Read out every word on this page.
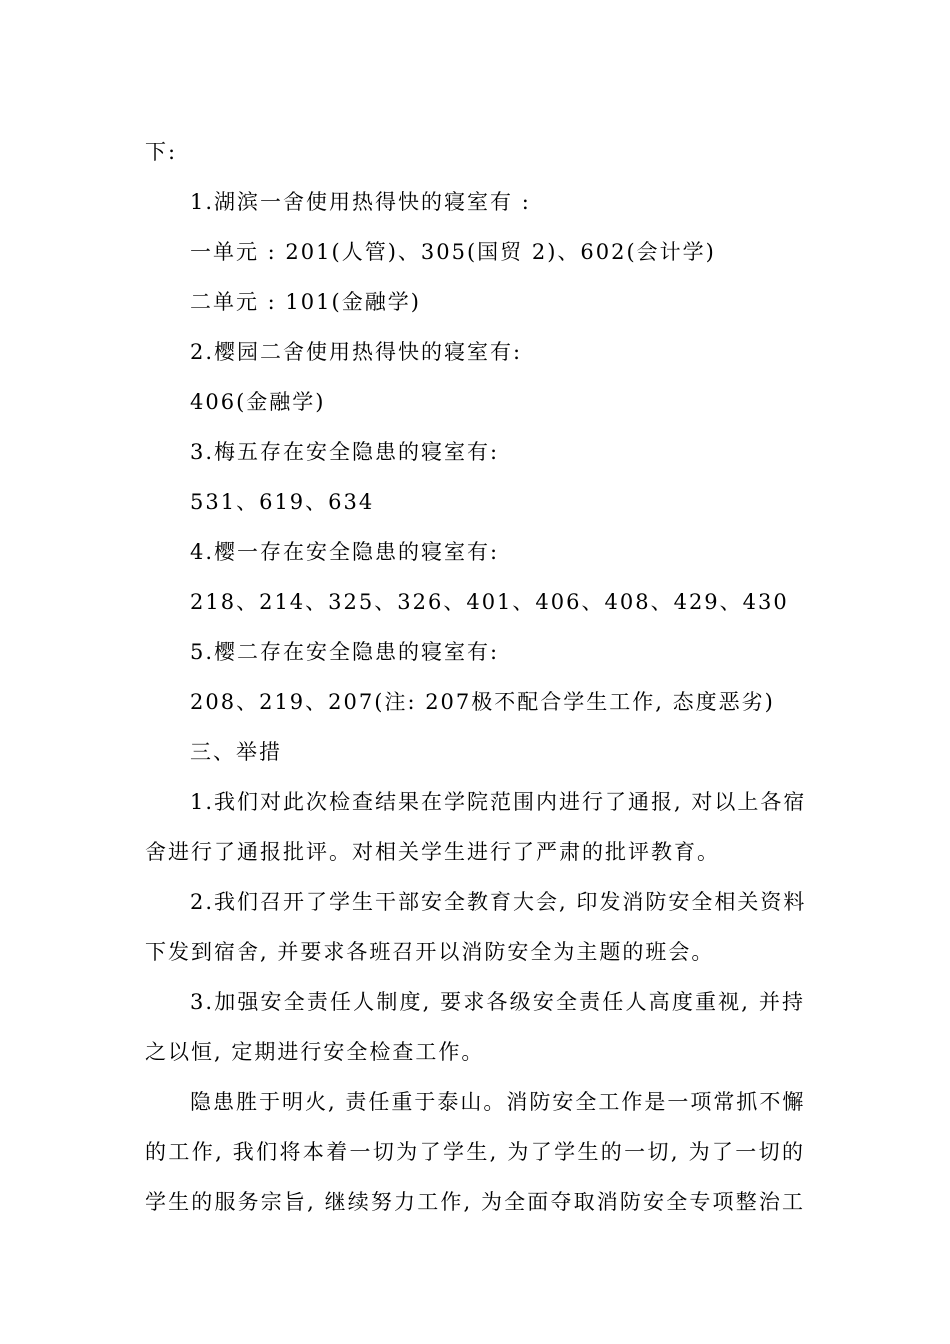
下:
1.湖滨一舍使用热得快的寝室有 :
一单元 : 201(人管)、305(国贸 2)、602(会计学)
二单元 : 101(金融学)
2.樱园二舍使用热得快的寝室有:
406(金融学)
3.梅五存在安全隐患的寝室有:
531、619、634
4.樱一存在安全隐患的寝室有:
218、214、325、326、401、406、408、429、430
5.樱二存在安全隐患的寝室有:
208、219、207(注: 207极不配合学生工作, 态度恶劣)
三、举措
1.我们对此次检查结果在学院范围内进行了通报, 对以上各宿
舍进行了通报批评。对相关学生进行了严肃的批评教育。
2.我们召开了学生干部安全教育大会, 印发消防安全相关资料
下发到宿舍, 并要求各班召开以消防安全为主题的班会。
3.加强安全责任人制度, 要求各级安全责任人高度重视, 并持
之以恒, 定期进行安全检查工作。
隐患胜于明火, 责任重于泰山。消防安全工作是一项常抓不懈
的工作, 我们将本着一切为了学生, 为了学生的一切, 为了一切的
学生的服务宗旨, 继续努力工作, 为全面夺取消防安全专项整治工
